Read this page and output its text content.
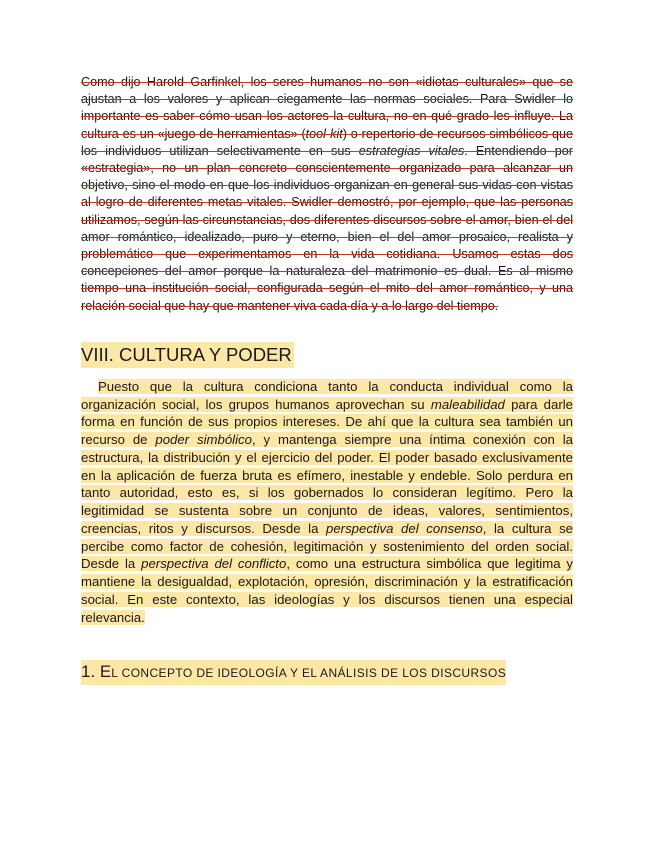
Como dijo Harold Garfinkel, los seres humanos no son «idiotas culturales» que se ajustan a los valores y aplican ciegamente las normas sociales. Para Swidler lo importante es saber cómo usan los actores la cultura, no en qué grado les influye. La cultura es un «juego de herramientas» (tool-kit) o repertorio de recursos simbólicos que los individuos utilizan selectivamente en sus estrategias vitales. Entendiendo por «estrategia», no un plan concreto conscientemente organizado para alcanzar un objetivo, sino el modo en que los individuos organizan en general sus vidas con vistas al logro de diferentes metas vitales. Swidler demostró, por ejemplo, que las personas utilizamos, según las circunstancias, dos diferentes discursos sobre el amor, bien el del amor romántico, idealizado, puro y eterno, bien el del amor prosaico, realista y problemático que experimentamos en la vida cotidiana. Usamos estas dos concepciones del amor porque la naturaleza del matrimonio es dual. Es al mismo tiempo una institución social, configurada según el mito del amor romántico, y una relación social que hay que mantener viva cada día y a lo largo del tiempo.

VIII. CULTURA Y PODER

Puesto que la cultura condiciona tanto la conducta individual como la organización social, los grupos humanos aprovechan su maleabilidad para darle forma en función de sus propios intereses. De ahí que la cultura sea también un recurso de poder simbólico, y mantenga siempre una íntima conexión con la estructura, la distribución y el ejercicio del poder. El poder basado exclusivamente en la aplicación de fuerza bruta es efímero, inestable y endeble. Solo perdura en tanto autoridad, esto es, si los gobernados lo consideran legítimo. Pero la legitimidad se sustenta sobre un conjunto de ideas, valores, sentimientos, creencias, ritos y discursos. Desde la perspectiva del consenso, la cultura se percibe como factor de cohesión, legitimación y sostenimiento del orden social. Desde la perspectiva del conflicto, como una estructura simbólica que legitima y mantiene la desigualdad, explotación, opresión, discriminación y la estratificación social. En este contexto, las ideologías y los discursos tienen una especial relevancia.

1. EL CONCEPTO DE IDEOLOGÍA Y EL ANÁLISIS DE LOS DISCURSOS
